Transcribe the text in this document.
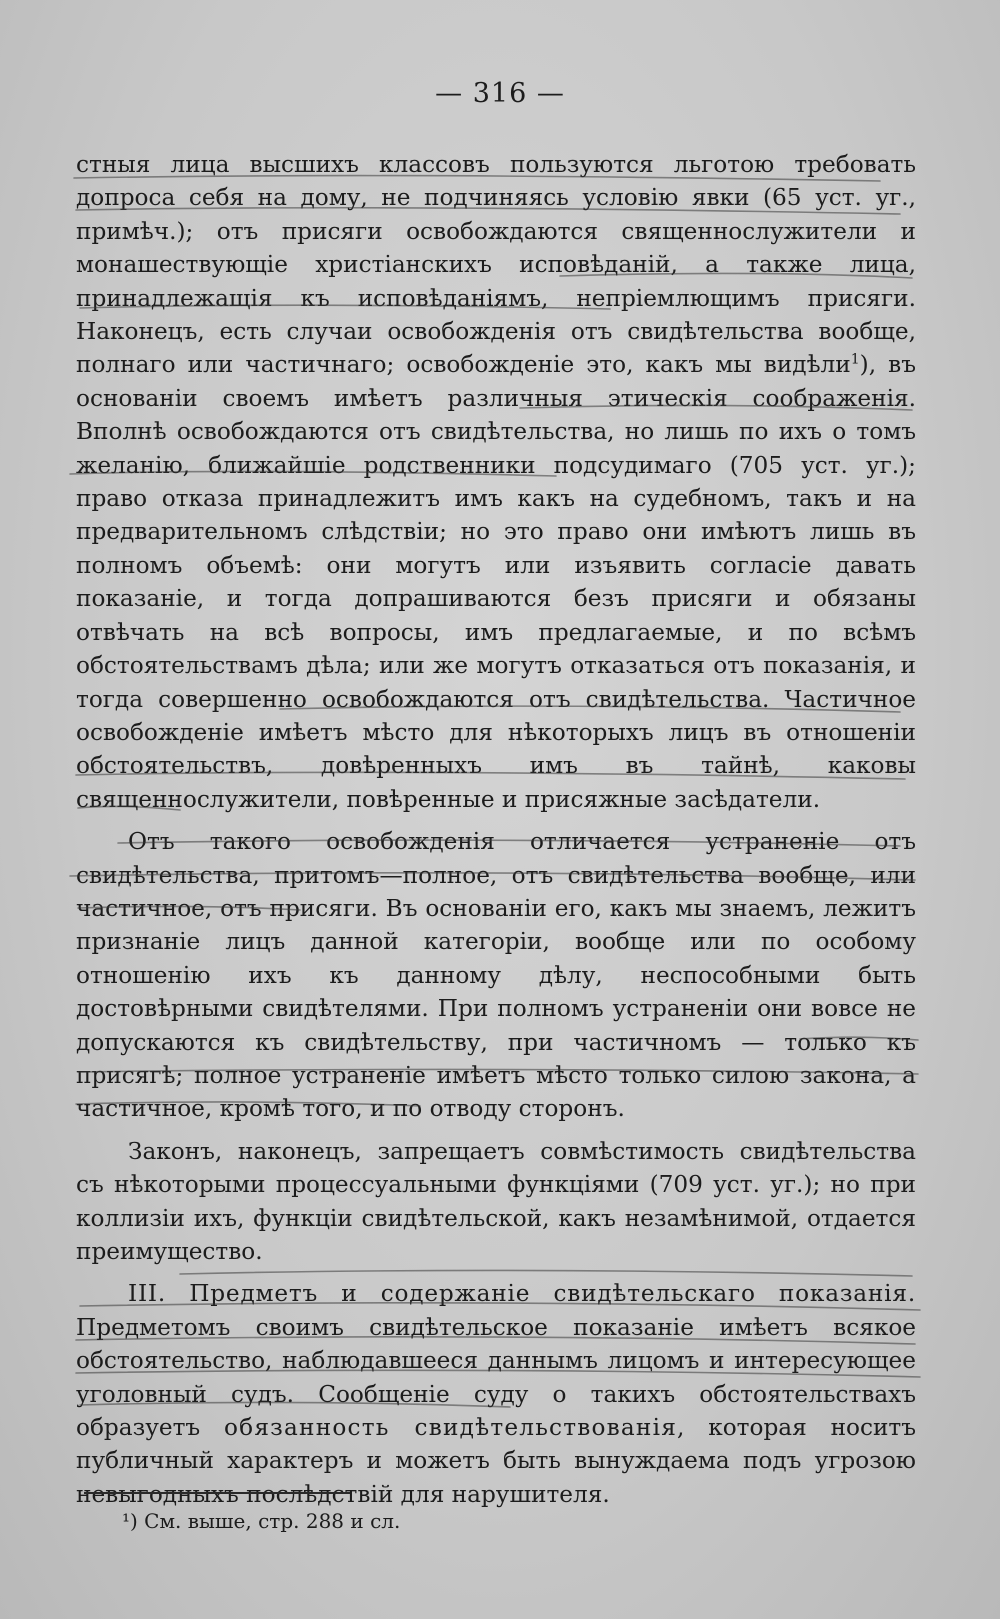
— 316 —

стныя лица высшихъ классовъ пользуются льготою требовать допроса себя на дому, не подчиняясь условію явки (65 уст. уг., примѣч.); отъ присяги освобождаются священнослужители и монашествующіе христіанскихъ исповѣданій, а также лица, принадлежащія къ исповѣданіямъ, непріемлющимъ присяги. Наконецъ, есть случаи освобожденія отъ свидѣтельства вообще, полнаго или частичнаго; освобожденіе это, какъ мы видѣли$^1$), въ основаніи своемъ имѣетъ различныя этическія соображенія. Вполнѣ освобождаются отъ свидѣтельства, но лишь по ихъ о томъ желанію, ближайшіе родственники подсудимаго (705 уст. уг.); право отказа принадлежитъ имъ какъ на судебномъ, такъ и на предварительномъ слѣдствіи; но это право они имѣютъ лишь въ полномъ объемѣ: они могутъ или изъявить согласіе давать показаніе, и тогда допрашиваются безъ присяги и обязаны отвѣчать на всѣ вопросы, имъ предлагаемые, и по всѣмъ обстоятельствамъ дѣла; или же могутъ отказаться отъ показанія, и тогда совершенно освобождаются отъ свидѣтельства. Частичное освобожденіе имѣетъ мѣсто для нѣкоторыхъ лицъ въ отношеніи обстоятельствъ, довѣренныхъ имъ въ тайнѣ, каковы священнослужители, повѣренные и присяжные засѣдатели.

Отъ такого освобожденія отличается устраненіе отъ свидѣтельства, притомъ—полное, отъ свидѣтельства вообще, или частичное, отъ присяги. Въ основаніи его, какъ мы знаемъ, лежитъ признаніе лицъ данной категоріи, вообще или по особому отношенію ихъ къ данному дѣлу, неспособными быть достовѣрными свидѣтелями. При полномъ устраненіи они вовсе не допускаются къ свидѣтельству, при частичномъ — только къ присягѣ; полное устраненіе имѣетъ мѣсто только силою закона, а частичное, кромѣ того, и по отводу сторонъ.

Законъ, наконецъ, запрещаетъ совмѣстимость свидѣтельства съ нѣкоторыми процессуальными функціями (709 уст. уг.); но при коллизіи ихъ, функціи свидѣтельской, какъ незамѣнимой, отдается преимущество.

III. Предметъ и содержаніе свидѣтельскаго показанія. Предметомъ своимъ свидѣтельское показаніе имѣетъ всякое обстоятельство, наблюдавшееся даннымъ лицомъ и интересующее уголовный судъ. Сообщеніе суду о такихъ обстоятельствахъ образуетъ обязанность свидѣтельствованія, которая носитъ публичный характеръ и можетъ быть вынуждаема подъ угрозою невыгодныхъ послѣдствій для нарушителя.

¹) См. выше, стр. 288 и сл.
